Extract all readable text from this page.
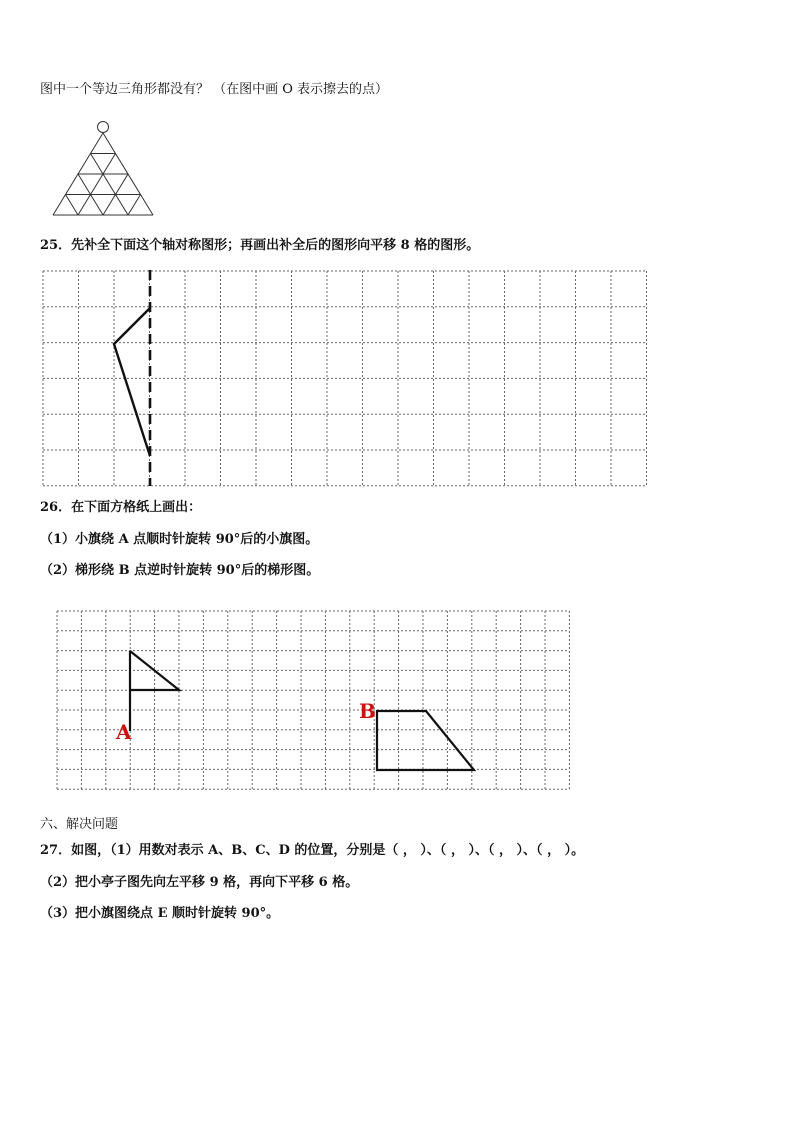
图中一个等边三角形都没有？ （在图中画 O 表示擦去的点）
25．先补全下面这个轴对称图形；再画出补全后的图形向平移 8 格的图形。
26．在下面方格纸上画出：
（1）小旗绕 A 点顺时针旋转 90°后的小旗图。
（2）梯形绕 B 点逆时针旋转 90°后的梯形图。
A
B
六、解决问题
27．如图，（1）用数对表示 A、B、C、D 的位置，分别是（ ， ）、（ ， ）、（ ， ）、（ ， ）。
（2）把小亭子图先向左平移 9 格，再向下平移 6 格。
（3）把小旗图绕点 E 顺时针旋转 90°。
